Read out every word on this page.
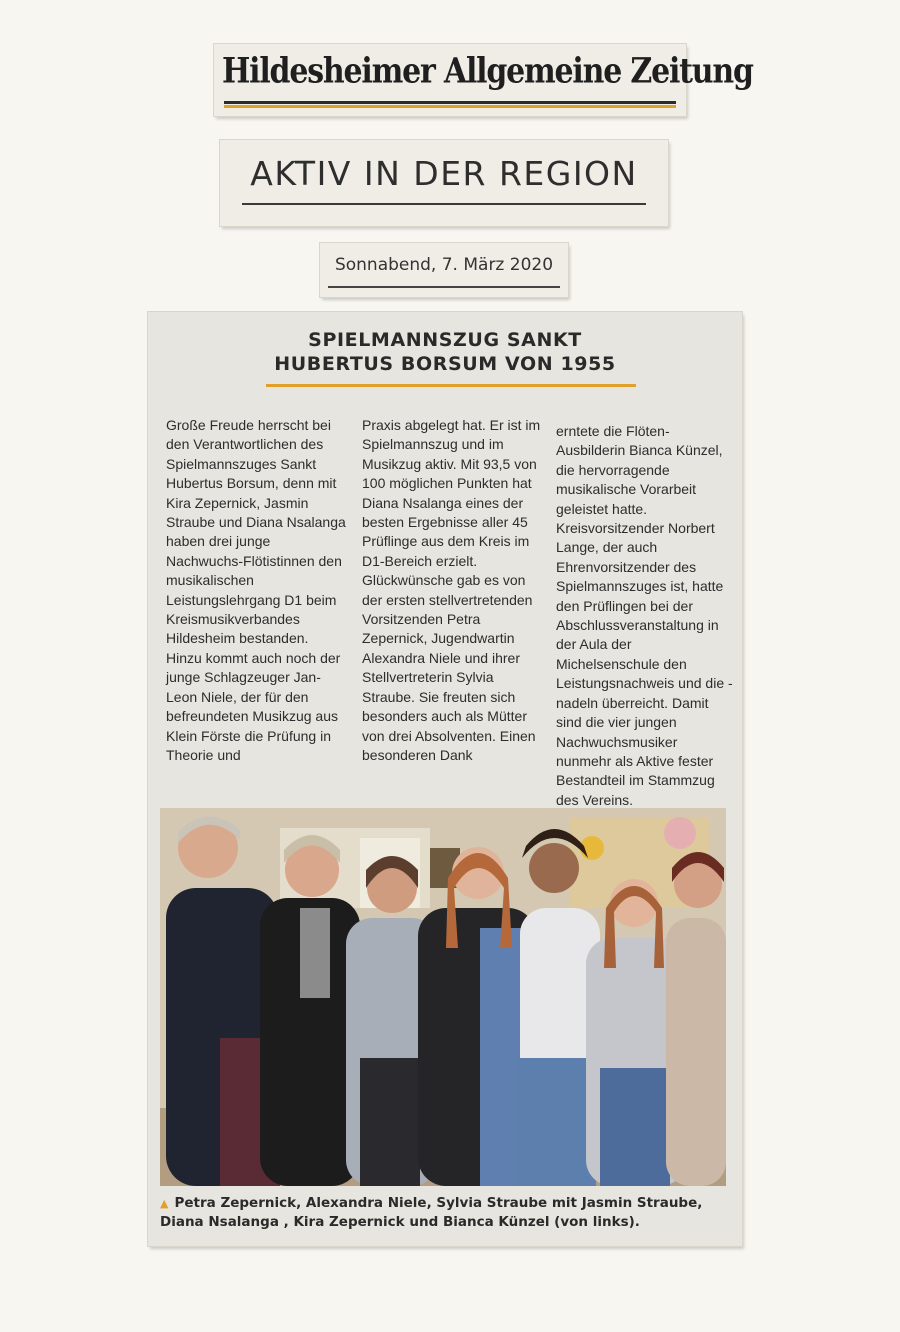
Hildesheimer Allgemeine Zeitung
AKTIV IN DER REGION
Sonnabend, 7. März 2020
SPIELMANNSZUG SANKT
HUBERTUS BORSUM VON 1955

Große Freude herrscht bei den Verantwortlichen des Spielmannszuges Sankt Hubertus Borsum, denn mit Kira Zepernick, Jasmin Straube und Diana Nsalanga haben drei junge Nachwuchs-Flötistinnen den musikalischen Leistungslehrgang D1 beim Kreismusikverbandes Hildesheim bestanden.

Hinzu kommt auch noch der junge Schlagzeuger Jan-Leon Niele, der für den befreundeten Musikzug aus Klein Förste die Prüfung in Theorie und

Praxis abgelegt hat. Er ist im Spielmannszug und im Musikzug aktiv. Mit 93,5 von 100 möglichen Punkten hat Diana Nsalanga eines der besten Ergebnisse aller 45 Prüflinge aus dem Kreis im D1-Bereich erzielt.

Glückwünsche gab es von der ersten stellvertretenden Vorsitzenden Petra Zepernick, Jugendwartin Alexandra Niele und ihrer Stellvertreterin Sylvia Straube. Sie freuten sich besonders auch als Mütter von drei Absolventen. Einen besonderen Dank

erntete die Flöten-Ausbilderin Bianca Künzel, die hervorragende musikalische Vorarbeit geleistet hatte.

Kreisvorsitzender Norbert Lange, der auch Ehrenvorsitzender des Spielmannszuges ist, hatte den Prüflingen bei der Abschlussveranstaltung in der Aula der Michelsenschule den Leistungsnachweis und die -nadeln überreicht. Damit sind die vier jungen Nachwuchsmusiker nunmehr als Aktive fester Bestandteil im Stammzug des Vereins.

▲ Petra Zepernick, Alexandra Niele, Sylvia Straube mit Jasmin Straube, Diana Nsalanga , Kira Zepernick und Bianca Künzel (von links).
